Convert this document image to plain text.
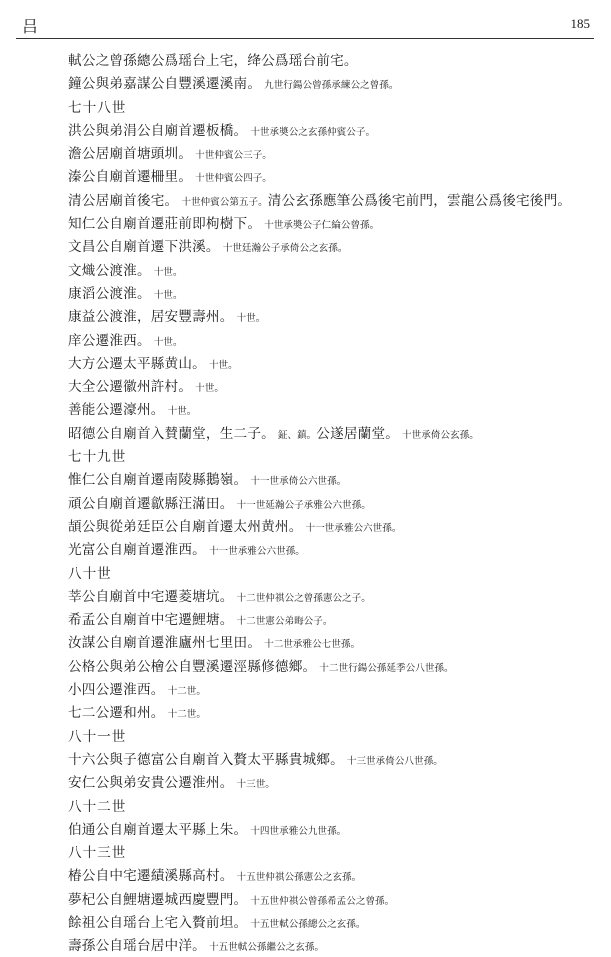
吕	185
軾公之曾孫總公爲瑶台上宅，绛公爲瑶台前宅。
鐘公與弟嘉謀公自豐溪遷溪南。 九世行鍚公曾孫承練公之曾孫。
七十八世
洪公與弟涓公自廟首遷板橋。 十世承奬公之玄孫仲賓公子。
澹公居廟首塘頭圳。 十世仲賓公三子。
溱公自廟首遷柵里。 十世仲賓公四子。
清公居廟首後宅。 十世仲賓公第五子。清公玄孫應筆公爲後宅前門，雲龍公爲後宅後門。
知仁公自廟首遷莊前即枸樹下。 十世承奬公子仁綸公曾孫。
文昌公自廟首遷下洪溪。 十世廷瀚公子承倚公之玄孫。
文熾公渡淮。 十世。
康滔公渡淮。 十世。
康益公渡淮，居安豐壽州。 十世。
庠公遷淮西。 十世。
大方公遷太平縣黄山。 十世。
大全公遷徽州許村。 十世。
善能公遷濠州。 十世。
昭德公自廟首入賛蘭堂，生二子。 鉦、鎮。公遂居蘭堂。 十世承倚公玄孫。
七十九世
惟仁公自廟首遷南陵縣鵝嶺。 十一世承倚公六世孫。
頑公自廟首遷歙縣汪滿田。 十一世延瀚公子承雅公六世孫。
頡公與從弟廷臣公自廟首遷太州黄州。 十一世承雅公六世孫。
光富公自廟首遷淮西。 十一世承雅公六世孫。
八十世
莘公自廟首中宅遷菱塘坑。 十二世仲祺公之曾孫憲公之子。
希孟公自廟首中宅遷鯉塘。 十二世憲公弟晦公子。
汝謀公自廟首遷淮廬州七里田。 十二世承雅公七世孫。
公格公與弟公檜公自豐溪遷涇縣修德鄉。 十二世行鍚公孫延季公八世孫。
小四公遷淮西。 十二世。
七二公遷和州。 十二世。
八十一世
十六公與子德富公自廟首入贅太平縣貴城鄉。 十三世承倚公八世孫。
安仁公與弟安貴公遷淮州。 十三世。
八十二世
伯通公自廟首遷太平縣上朱。 十四世承雅公九世孫。
八十三世
椿公自中宅遷績溪縣高村。 十五世仲祺公孫憲公之玄孫。
夢杞公自鯉塘遷城西慶豐門。 十五世仲祺公曾孫希孟公之曾孫。
餘祖公自瑶台上宅入贅前坦。 十五世軾公孫總公之玄孫。
壽孫公自瑶台居中洋。 十五世軾公孫繼公之玄孫。
